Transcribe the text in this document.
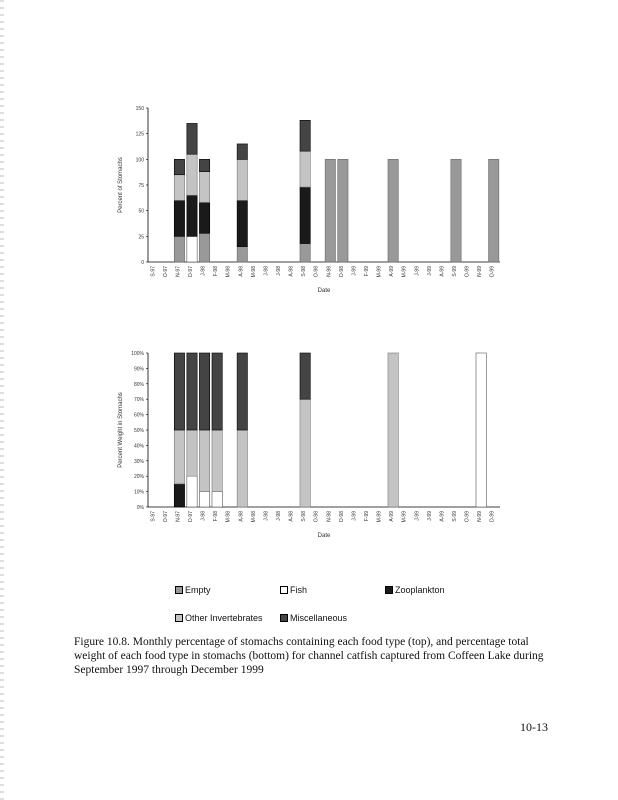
0
25
50
75
100
125
150
S-97 O-97 N-97 D-97 J-98 F-98 M-98 A-98 M-98 J-98 J-98 A-98 S-98 O-98 N-98 D-98 J-99 F-99 M-99 A-99 M-99 J-99 J-99 A-99 S-99 O-99 N-99 D-99
Percent of Stomachs
Date
0%
10%
20%
30%
40%
50%
60%
70%
80%
90%
100%
S-97 O-97 N-97 D-97 J-98 F-98 M-98 A-98 M-98 J-98 J-98 A-98 S-98 O-98 N-98 D-98 J-99 F-99 M-99 A-99 M-99 J-99 J-99 A-99 S-99 O-99 N-99 D-99
Percent Weight in Stomachs
Date
Empty	Fish	Zooplankton
Other Invertebrates	Miscellaneous
Figure 10.8. Monthly percentage of stomachs containing each food type (top), and percentage total weight of each food type in stomachs (bottom) for channel catfish captured from Coffeen Lake during September 1997 through December 1999
10-13
